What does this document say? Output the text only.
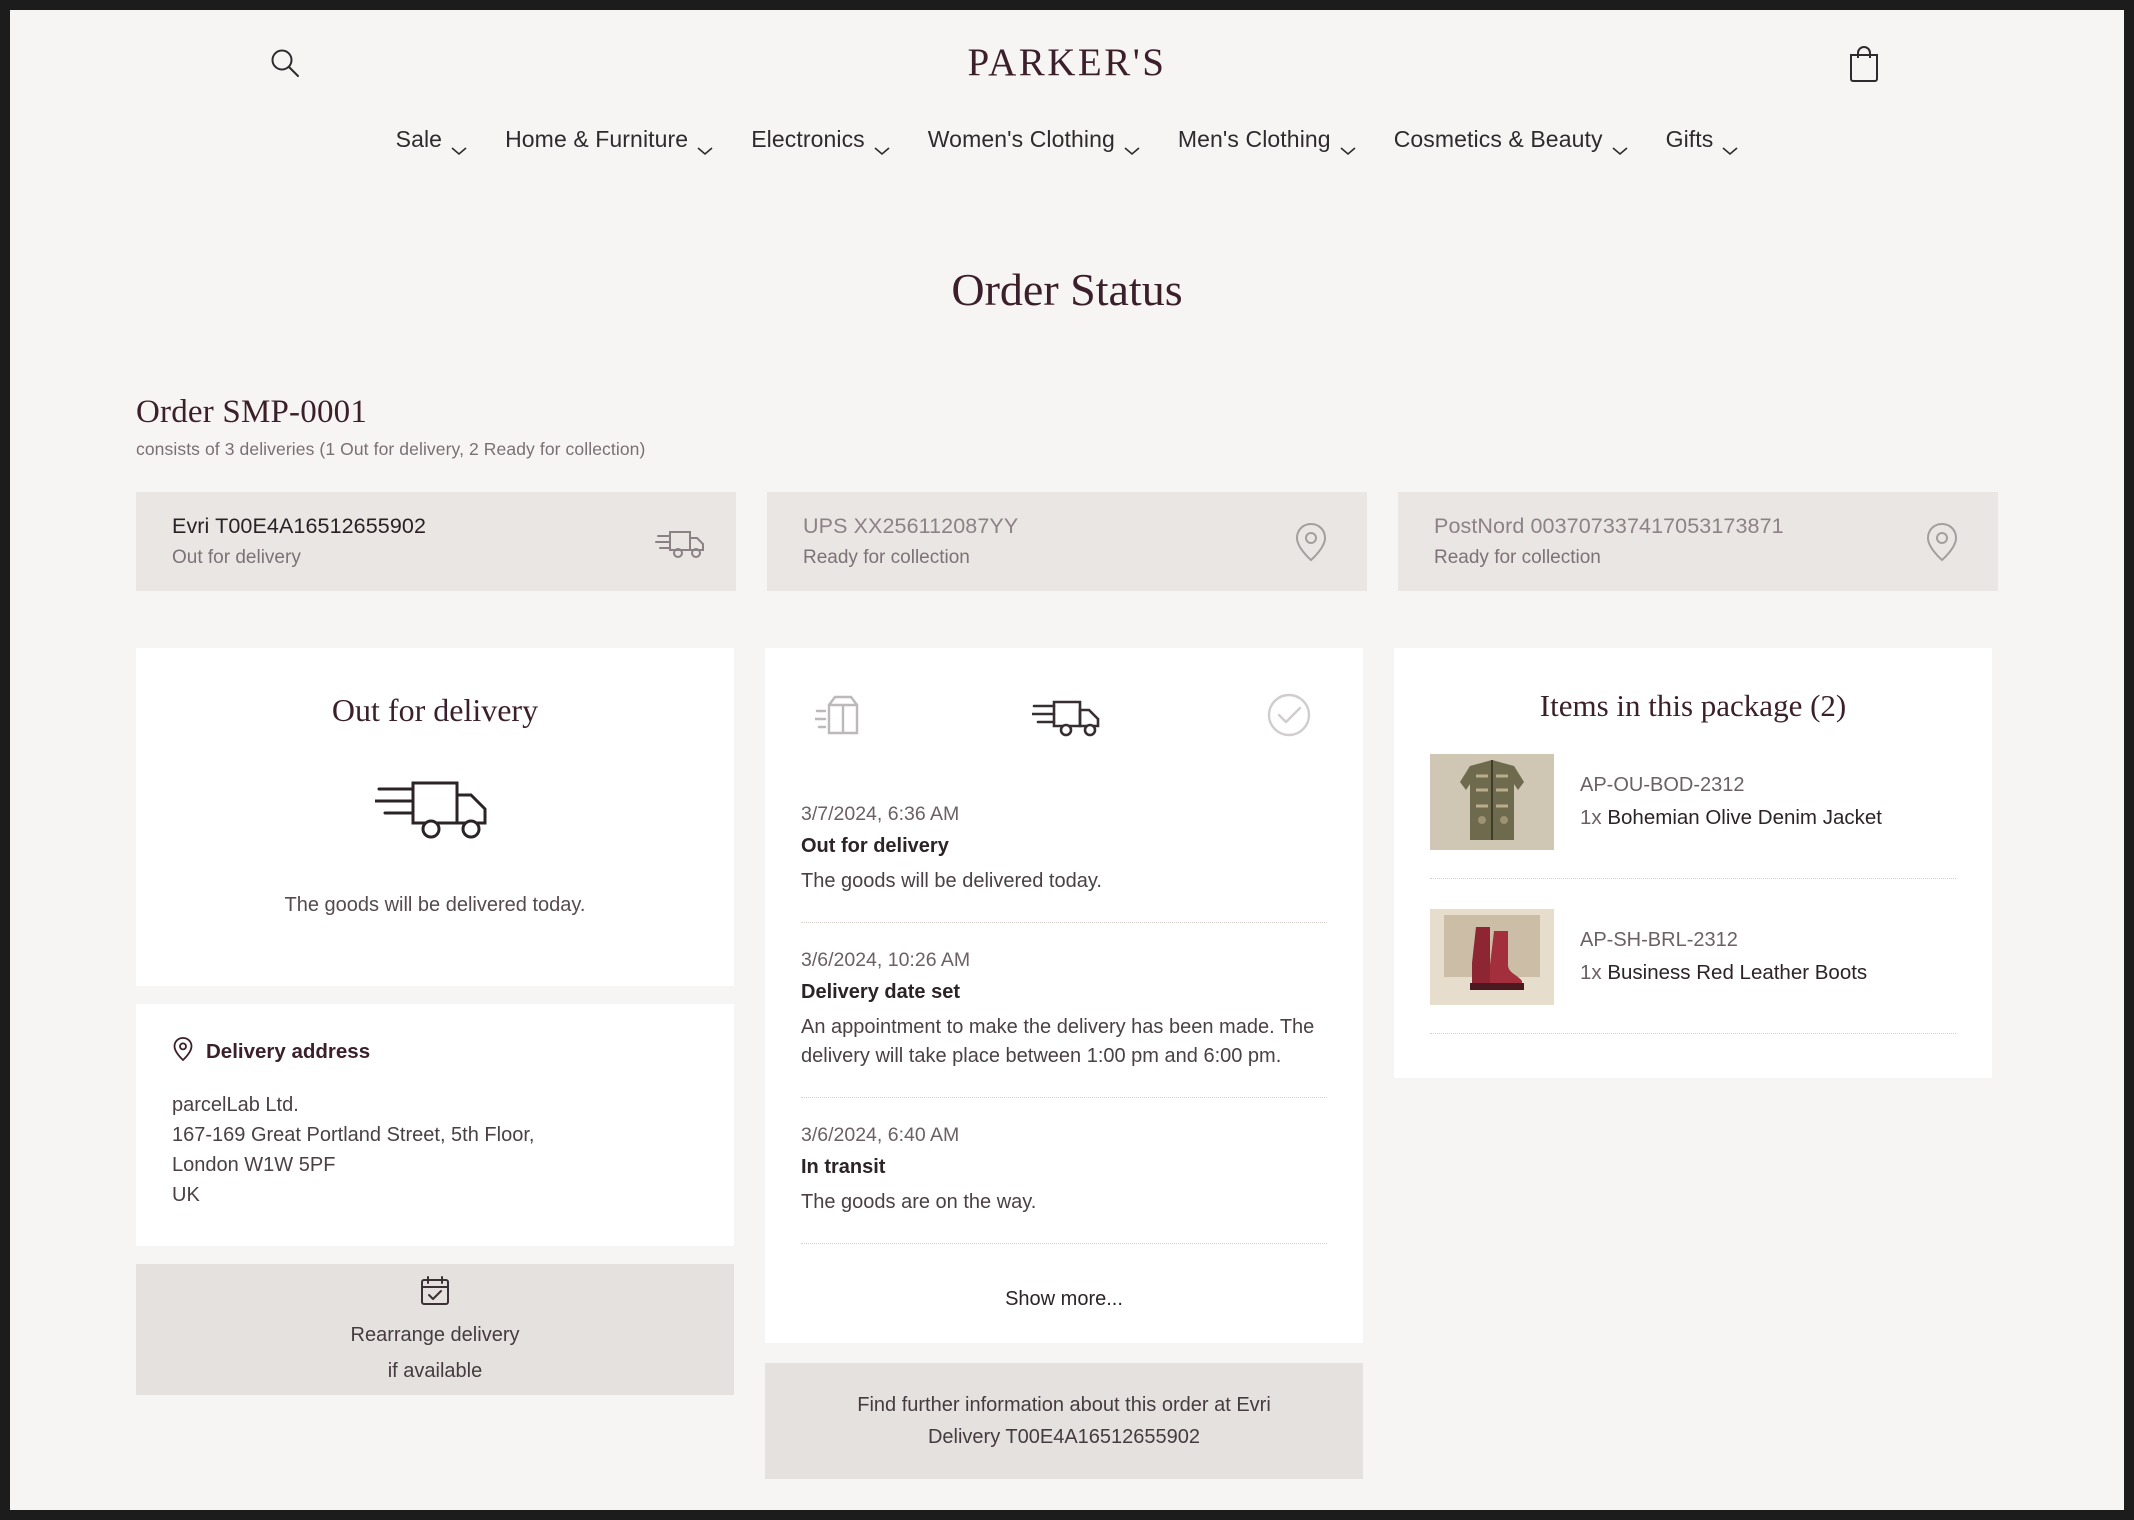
PARKER'S
Sale	Home & Furniture	Electronics	Women's Clothing	Men's Clothing	Cosmetics & Beauty	Gifts
Order Status
Order SMP-0001
consists of 3 deliveries (1 Out for delivery, 2 Ready for collection)
Evri T00E4A16512655902
Out for delivery
UPS XX256112087YY
Ready for collection
PostNord 003707337417053173871
Ready for collection
Out for delivery
The goods will be delivered today.
Delivery address
parcelLab Ltd.
167-169 Great Portland Street, 5th Floor,
London W1W 5PF
UK
Rearrange delivery
if available
3/7/2024, 6:36 AM
Out for delivery
The goods will be delivered today.
3/6/2024, 10:26 AM
Delivery date set
An appointment to make the delivery has been made. The delivery will take place between 1:00 pm and 6:00 pm.
3/6/2024, 6:40 AM
In transit
The goods are on the way.
Show more...
Find further information about this order at Evri
Delivery T00E4A16512655902
Items in this package (2)
AP-OU-BOD-2312
1x Bohemian Olive Denim Jacket
AP-SH-BRL-2312
1x Business Red Leather Boots
